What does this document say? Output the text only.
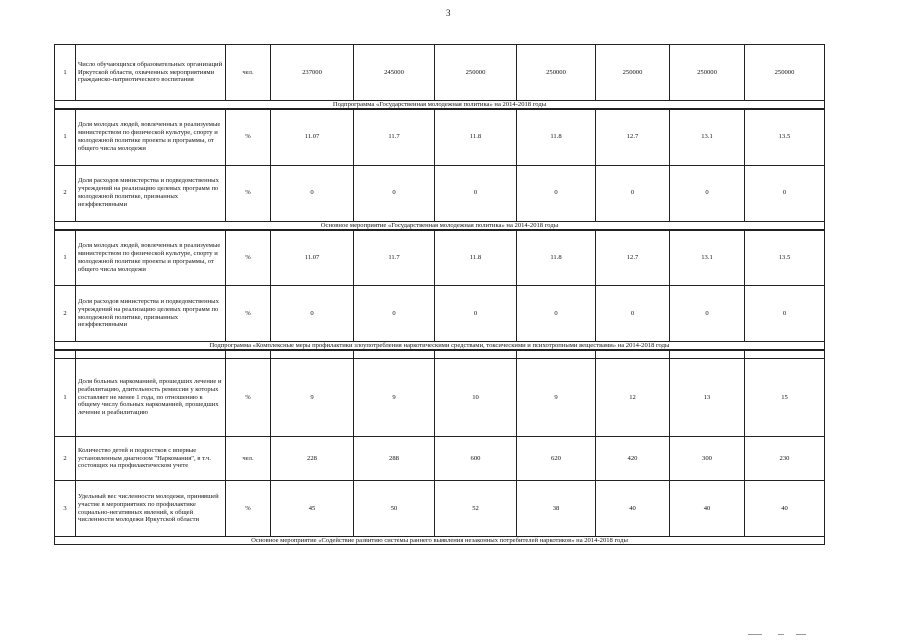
3
1	Число обучающихся образовательных организаций Иркутской области, охваченных мероприятиями гражданско-патриотического воспитания	чел.	237000	245000	250000	250000	250000	250000	250000
Подпрограмма «Государственная молодежная политика» на 2014-2018 годы									
1	Доля молодых людей, вовлеченных в реализуемые министерством по физической культуре, спорту и молодежной политике проекты и программы, от общего числа молодежи	%	11.07	11.7	11.8	11.8	12.7	13.1	13.5
2	Доля расходов министерства и подведомственных учреждений на реализацию целевых программ по молодежной политике, признанных неэффективными	%	0	0	0	0	0	0	0
Основное мероприятие «Государственная молодежная политика» на 2014-2018 годы									
1	Доля молодых людей, вовлеченных в реализуемые министерством по физической культуре, спорту и молодежной политике проекты и программы, от общего числа молодежи	%	11.07	11.7	11.8	11.8	12.7	13.1	13.5
2	Доля расходов министерства и подведомственных учреждений на реализацию целевых программ по молодежной политике, признанных неэффективными	%	0	0	0	0	0	0	0
Подпрограмма «Комплексные меры профилактики злоупотребления наркотическими средствами, токсическими и психотропными веществами» на 2014-2018 годы									

1	Доля больных наркоманией, прошедших лечение и реабилитацию, длительность ремиссии у которых составляет не менее 1 года, по отношению к общему числу больных наркоманией, прошедших лечение и реабилитацию	%	9	9	10	9	12	13	15
2	Количество детей и подростков с впервые установленным диагнозом "Наркомания", в т.ч. состоящих на профилактическом учете	чел.	228	288	600	620	420	300	230
3	Удельный вес численности молодежи, принявшей участие в мероприятиях по профилактике социально-негативных явлений, к общей численности молодежи Иркутской области	%	45	50	52	38	40	40	40
Основное мероприятие «Содействие развитию системы раннего выявления незаконных потребителей наркотиков» на 2014-2018 годы									
